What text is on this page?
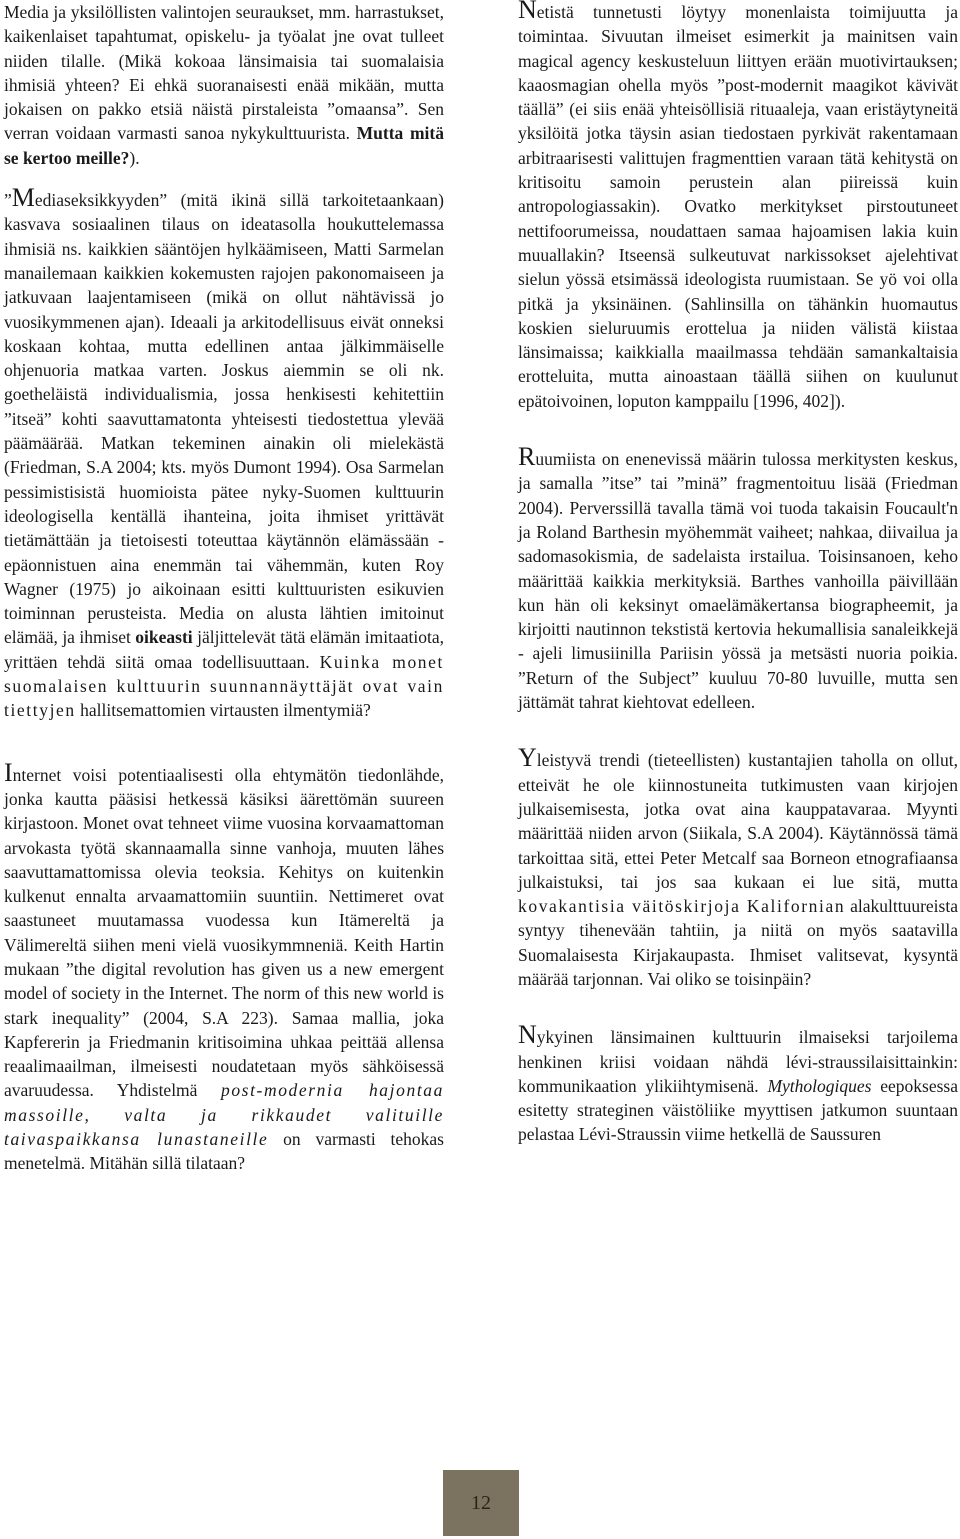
Media ja yksilöllisten valintojen seuraukset, mm. harrastukset, kaikenlaiset tapahtumat, opiskelu- ja työalat jne ovat tulleet niiden tilalle. (Mikä kokoaa länsimaisia tai suomalaisia ihmisiä yhteen? Ei ehkä suoranaisesti enää mikään, mutta jokaisen on pakko etsiä näistä pirstaleista ”omaansa”. Sen verran voidaan varmasti sanoa nykykulttuurista. Mutta mitä se kertoo meille?).

”Mediaseksikkyyden” (mitä ikinä sillä tarkoitetaankaan) kasvava sosiaalinen tilaus on ideatasolla houkuttelemassa ihmisiä ns. kaikkien sääntöjen hylkäämiseen, Matti Sarmelan manailemaan kaikkien kokemusten rajojen pakonomaiseen ja jatkuvaan laajentamiseen (mikä on ollut nähtävissä jo vuosikymmenen ajan). Ideaali ja arkitodellisuus eivät onneksi koskaan kohtaa, mutta edellinen antaa jälkimmäiselle ohjenuoria matkaa varten. Joskus aiemmin se oli nk. goetheläistä individualismia, jossa henkisesti kehitettiin ”itseä” kohti saavuttamatonta yhteisesti tiedostettua ylevää päämäärää. Matkan tekeminen ainakin oli mielekästä (Friedman, S.A 2004; kts. myös Dumont 1994). Osa Sarmelan pessimistisistä huomioista pätee nyky-Suomen kulttuurin ideologisella kentällä ihanteina, joita ihmiset yrittävät tietämättään ja tietoisesti toteuttaa käytännön elämässään - epäonnistuen aina enemmän tai vähemmän, kuten Roy Wagner (1975) jo aikoinaan esitti kulttuuristen esikuvien toiminnan perusteista. Media on alusta lähtien imitoinut elämää, ja ihmiset oikeasti jäljittelevät tätä elämän imitaatiota, yrittäen tehdä siitä omaa todellisuuttaan. Kuinka monet suomalaisen kulttuurin suunnannäyttäjät ovat vain tiettyjen hallitsemattomien virtausten ilmentymiä?

Internet voisi potentiaalisesti olla ehtymätön tiedonlähde, jonka kautta pääsisi hetkessä käsiksi äärettömän suureen kirjastoon. Monet ovat tehneet viime vuosina korvaamattoman arvokasta työtä skannaamalla sinne vanhoja, muuten lähes saavuttamattomissa olevia teoksia. Kehitys on kuitenkin kulkenut ennalta arvaamattomiin suuntiin. Nettimeret ovat saastuneet muutamassa vuodessa kun Itämereltä ja Välimereltä siihen meni vielä vuosikymmneniä. Keith Hartin mukaan ”the digital revolution has given us a new emergent model of society in the Internet. The norm of this new world is stark inequality” (2004, S.A 223). Samaa mallia, joka Kapfererin ja Friedmanin kritisoimina uhkaa peittää allensa reaalimaailman, ilmeisesti noudatetaan myös sähköisessä avaruudessa. Yhdistelmä post-modernia hajontaa massoille, valta ja rikkaudet valituille taivaspaikkansa lunastaneille on varmasti tehokas menetelmä. Mitähän sillä tilataan?

Netistä tunnetusti löytyy monenlaista toimijuutta ja toimintaa. Sivuutan ilmeiset esimerkit ja mainitsen vain magical agency keskusteluun liittyen erään muotivirtauksen; kaaosmagian ohella myös ”post-modernit maagikot kävivät täällä” (ei siis enää yhteisöllisiä rituaaleja, vaan eristäytyneitä yksilöitä jotka täysin asian tiedostaen pyrkivät rakentamaan arbitraarisesti valittujen fragmenttien varaan tätä kehitystä on kritisoitu samoin perustein alan piireissä kuin antropologiassakin). Ovatko merkitykset pirstoutuneet nettifoorumeissa, noudattaen samaa hajoamisen lakia kuin muuallakin? Itseensä sulkeutuvat narkissokset ajelehtivat sielun yössä etsimässä ideologista ruumistaan. Se yö voi olla pitkä ja yksinäinen. (Sahlinsilla on tähänkin huomautus koskien sieluruumis erottelua ja niiden välistä kiistaa länsimaissa; kaikkialla maailmassa tehdään samankaltaisia erotteluita, mutta ainoastaan täällä siihen on kuulunut epätoivoinen, loputon kamppailu [1996, 402]).

Ruumiista on enenevissä määrin tulossa merkitysten keskus, ja samalla ”itse” tai ”minä” fragmentoituu lisää (Friedman 2004). Perverssillä tavalla tämä voi tuoda takaisin Foucault'n ja Roland Barthesin myöhemmät vaiheet; nahkaa, diivailua ja sadomasokismia, de sadelaista irstailua. Toisinsanoen, keho määrittää kaikkia merkityksiä. Barthes vanhoilla päivillään kun hän oli keksinyt omaelämäkertansa biographeemit, ja kirjoitti nautinnon tekstistä kertovia hekumallisia sanaleikkejä - ajeli limusiinilla Pariisin yössä ja metsästi nuoria poikia. ”Return of the Subject” kuuluu 70-80 luvuille, mutta sen jättämät tahrat kiehtovat edelleen.

Yleistyvä trendi (tieteellisten) kustantajien taholla on ollut, etteivät he ole kiinnostuneita tutkimusten vaan kirjojen julkaisemisesta, jotka ovat aina kauppatavaraa. Myynti määrittää niiden arvon (Siikala, S.A 2004). Käytännössä tämä tarkoittaa sitä, ettei Peter Metcalf saa Borneon etnografiaansa julkaistuksi, tai jos saa kukaan ei lue sitä, mutta kovakantisia väitöskirjoja Kalifornian alakulttuureista syntyy tihenevään tahtiin, ja niitä on myös saatavilla Suomalaisesta Kirjakaupasta. Ihmiset valitsevat, kysyntä määrää tarjonnan. Vai oliko se toisinpäin?

Nykyinen länsimainen kulttuurin ilmaiseksi tarjoilema henkinen kriisi voidaan nähdä lévi-straussilaisittainkin: kommunikaation ylikiihtymisenä. Mythologiques eepoksessa esitetty strateginen väistöliike myyttisen jatkumon suuntaan pelastaa Lévi-Straussin viime hetkellä de Saussuren

12
